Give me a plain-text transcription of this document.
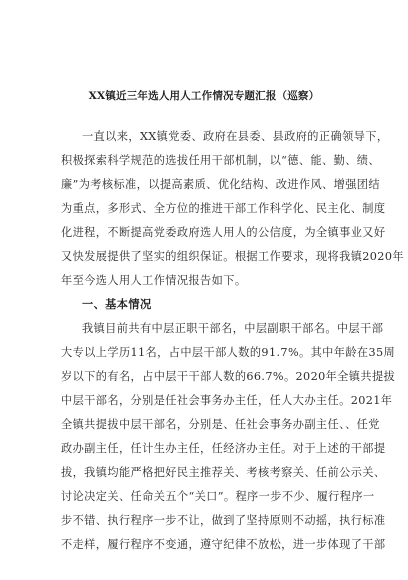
XX镇近三年选人用人工作情况专题汇报（巡察）
一直以来，XX镇党委、政府在县委、县政府的正确领导下，
积极探索科学规范的选拔任用干部机制，以“德、能、勤、绩、
廉”为考核标准，以提高素质、优化结构、改进作风、增强团结
为重点，多形式、全方位的推进干部工作科学化、民主化、制度
化进程，不断提高党委政府选人用人的公信度，为全镇事业又好
又快发展提供了坚实的组织保证。根据工作要求，现将我镇2020年
年至今选人用人工作情况报告如下。
一、基本情况
我镇目前共有中层正职干部名，中层副职干部名。中层干部
大专以上学历11名，占中层干部人数的91.7%。其中年龄在35周
岁以下的有名，占中层干干部人数的66.7%。2020年全镇共提拔
中层干部名，分别是任社会事务办主任，任人大办主任。2021年
全镇共提拔中层干部名，分别是、任社会事务办副主任、、任党
政办副主任，任计生办主任，任经济办主任。对于上述的干部提
拔，我镇均能严格把好民主推荐关、考核考察关、任前公示关、
讨论决定关、任命关五个“关口”。程序一步不少、履行程序一
步不错、执行程序一步不让，做到了坚持原则不动摇，执行标准
不走样，履行程序不变通，遵守纪律不放松，进一步体现了干部
